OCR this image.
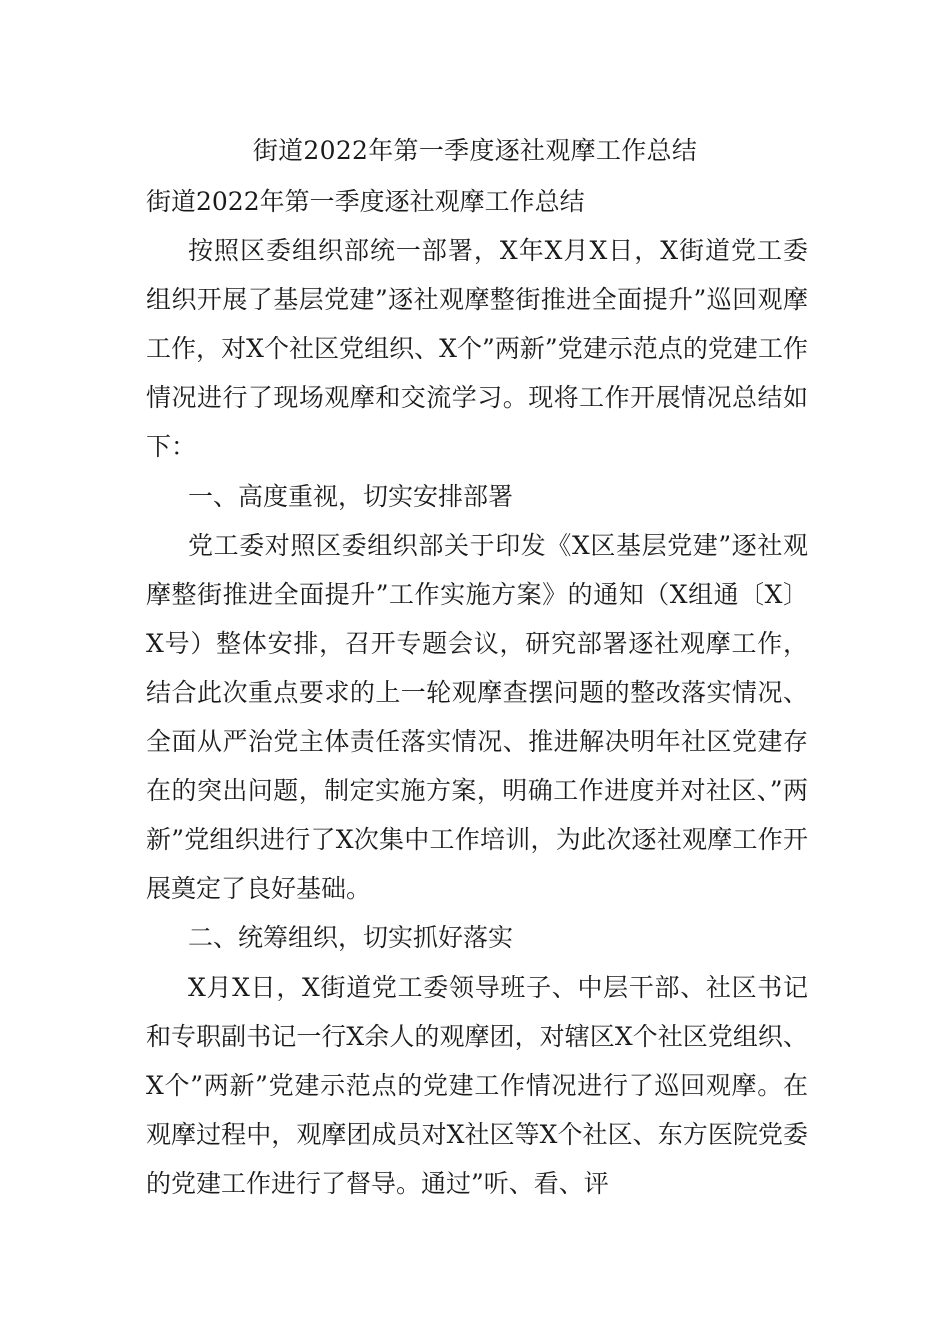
街道2022年第一季度逐社观摩工作总结

街道2022年第一季度逐社观摩工作总结

按照区委组织部统一部署，X年X月X日，X街道党工委组织开展了基层党建”逐社观摩整街推进全面提升”巡回观摩工作，对X个社区党组织、X个”两新”党建示范点的党建工作情况进行了现场观摩和交流学习。现将工作开展情况总结如下：

一、高度重视，切实安排部署

党工委对照区委组织部关于印发《X区基层党建”逐社观摩整街推进全面提升”工作实施方案》的通知（X组通〔X〕X号）整体安排，召开专题会议，研究部署逐社观摩工作，结合此次重点要求的上一轮观摩查摆问题的整改落实情况、全面从严治党主体责任落实情况、推进解决明年社区党建存在的突出问题，制定实施方案，明确工作进度并对社区、”两新”党组织进行了X次集中工作培训，为此次逐社观摩工作开展奠定了良好基础。

二、统筹组织，切实抓好落实

X月X日，X街道党工委领导班子、中层干部、社区书记和专职副书记一行X余人的观摩团，对辖区X个社区党组织、X个”两新”党建示范点的党建工作情况进行了巡回观摩。在观摩过程中，观摩团成员对X社区等X个社区、东方医院党委的党建工作进行了督导。通过”听、看、评
